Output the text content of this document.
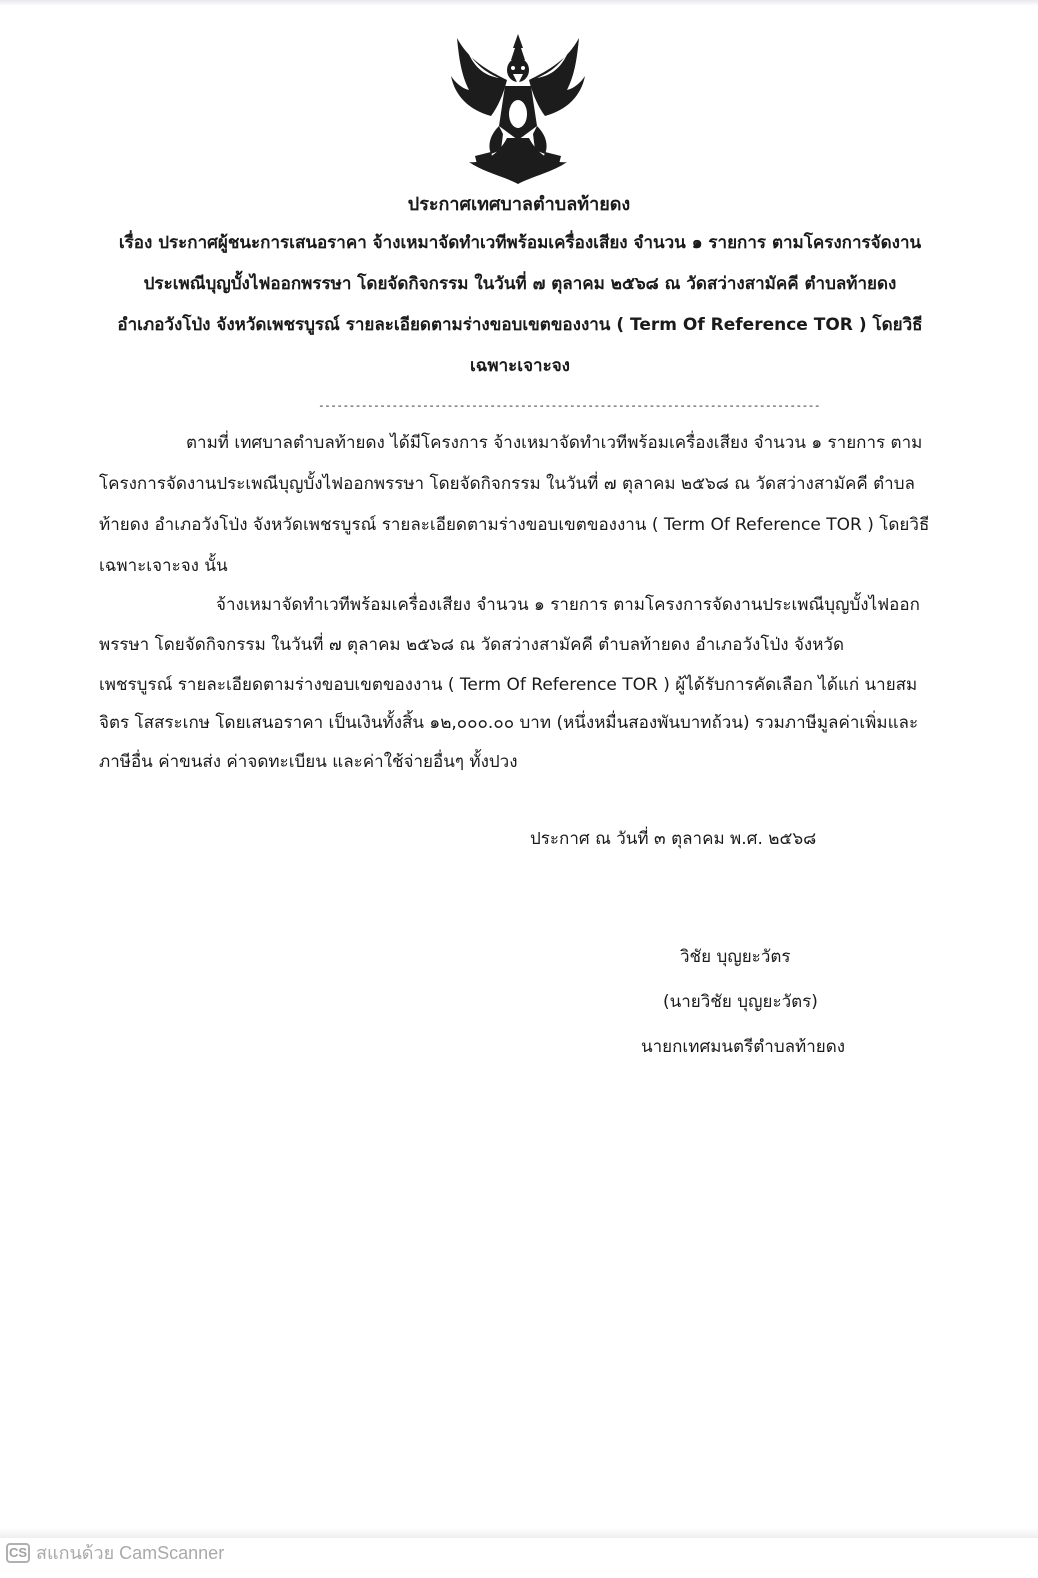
ประกาศเทศบาลตำบลท้ายดง
เรื่อง ประกาศผู้ชนะการเสนอราคา จ้างเหมาจัดทำเวทีพร้อมเครื่องเสียง จำนวน ๑ รายการ ตามโครงการจัดงาน
ประเพณีบุญบั้งไฟออกพรรษา โดยจัดกิจกรรม ในวันที่ ๗ ตุลาคม ๒๕๖๘ ณ วัดสว่างสามัคคี ตำบลท้ายดง
อำเภอวังโป่ง จังหวัดเพชรบูรณ์ รายละเอียดตามร่างขอบเขตของงาน ( Term Of Reference TOR ) โดยวิธี
เฉพาะเจาะจง
----------------------------------------------------------------------------------
ตามที่ เทศบาลตำบลท้ายดง ได้มีโครงการ จ้างเหมาจัดทำเวทีพร้อมเครื่องเสียง จำนวน ๑ รายการ ตาม
โครงการจัดงานประเพณีบุญบั้งไฟออกพรรษา โดยจัดกิจกรรม ในวันที่ ๗ ตุลาคม ๒๕๖๘ ณ วัดสว่างสามัคคี ตำบล
ท้ายดง อำเภอวังโป่ง จังหวัดเพชรบูรณ์ รายละเอียดตามร่างขอบเขตของงาน ( Term Of Reference TOR ) โดยวิธี
เฉพาะเจาะจง นั้น
จ้างเหมาจัดทำเวทีพร้อมเครื่องเสียง จำนวน ๑ รายการ ตามโครงการจัดงานประเพณีบุญบั้งไฟออก
พรรษา โดยจัดกิจกรรม ในวันที่ ๗ ตุลาคม ๒๕๖๘ ณ วัดสว่างสามัคคี ตำบลท้ายดง อำเภอวังโป่ง จังหวัด
เพชรบูรณ์ รายละเอียดตามร่างขอบเขตของงาน ( Term Of Reference TOR ) ผู้ได้รับการคัดเลือก ได้แก่ นายสม
จิตร โสสระเกษ โดยเสนอราคา เป็นเงินทั้งสิ้น ๑๒,๐๐๐.๐๐ บาท (หนึ่งหมื่นสองพันบาทถ้วน) รวมภาษีมูลค่าเพิ่มและ
ภาษีอื่น ค่าขนส่ง ค่าจดทะเบียน และค่าใช้จ่ายอื่นๆ ทั้งปวง
ประกาศ ณ วันที่ ๓ ตุลาคม พ.ศ. ๒๕๖๘
วิชัย บุญยะวัตร
(นายวิชัย บุญยะวัตร)
นายกเทศมนตรีตำบลท้ายดง
CS สแกนด้วย CamScanner
